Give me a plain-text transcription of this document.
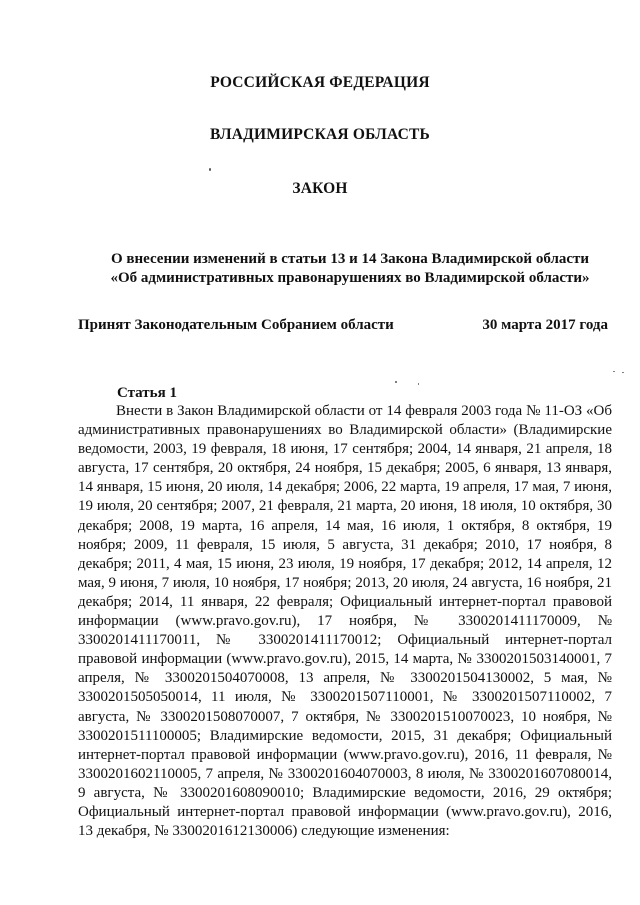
РОССИЙСКАЯ ФЕДЕРАЦИЯ
ВЛАДИМИРСКАЯ ОБЛАСТЬ
ЗАКОН
О внесении изменений в статьи 13 и 14 Закона Владимирской области
«Об административных правонарушениях во Владимирской области»
Принят Законодательным Собранием области	30 марта 2017 года
Статья 1
Внести в Закон Владимирской области от 14 февраля 2003 года № 11-ОЗ «Об административных правонарушениях во Владимирской области» (Владимирские ведомости, 2003, 19 февраля, 18 июня, 17 сентября; 2004, 14 января, 21 апреля, 18 августа, 17 сентября, 20 октября, 24 ноября, 15 декабря; 2005, 6 января, 13 января, 14 января, 15 июня, 20 июля, 14 декабря; 2006, 22 марта, 19 апреля, 17 мая, 7 июня, 19 июля, 20 сентября; 2007, 21 февраля, 21 марта, 20 июня, 18 июля, 10 октября, 30 декабря; 2008, 19 марта, 16 апреля, 14 мая, 16 июля, 1 октября, 8 октября, 19 ноября; 2009, 11 февраля, 15 июля, 5 августа, 31 декабря; 2010, 17 ноября, 8 декабря; 2011, 4 мая, 15 июня, 23 июля, 19 ноября, 17 декабря; 2012, 14 апреля, 12 мая, 9 июня, 7 июля, 10 ноября, 17 ноября; 2013, 20 июля, 24 августа, 16 ноября, 21 декабря; 2014, 11 января, 22 февраля; Официальный интернет-портал правовой информации (www.pravo.gov.ru), 17 ноября, № 3300201411170009, № 3300201411170011, № 3300201411170012; Официальный интернет-портал правовой информации (www.pravo.gov.ru), 2015, 14 марта, № 3300201503140001, 7 апреля, № 3300201504070008, 13 апреля, № 3300201504130002, 5 мая, № 3300201505050014, 11 июля, № 3300201507110001, № 3300201507110002, 7 августа, № 3300201508070007, 7 октября, № 3300201510070023, 10 ноября, № 3300201511100005; Владимирские ведомости, 2015, 31 декабря; Официальный интернет-портал правовой информации (www.pravo.gov.ru), 2016, 11 февраля, № 3300201602110005, 7 апреля, № 3300201604070003, 8 июля, № 3300201607080014, 9 августа, № 3300201608090010; Владимирские ведомости, 2016, 29 октября; Официальный интернет-портал правовой информации (www.pravo.gov.ru), 2016, 13 декабря, № 3300201612130006) следующие изменения:
